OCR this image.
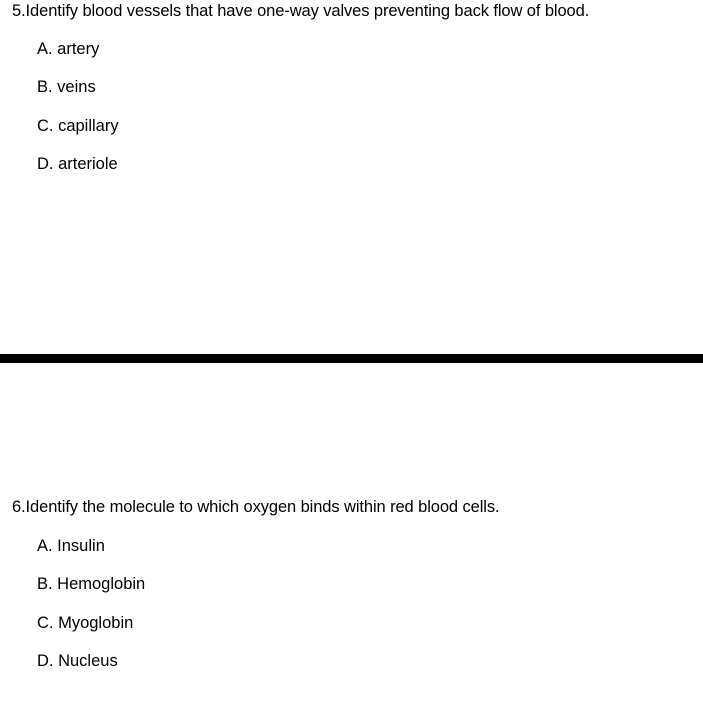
5.Identify blood vessels that have one-way valves preventing back flow of blood.
A. artery
B. veins
C. capillary
D. arteriole
6.Identify the molecule to which oxygen binds within red blood cells.
A. Insulin
B. Hemoglobin
C. Myoglobin
D. Nucleus
